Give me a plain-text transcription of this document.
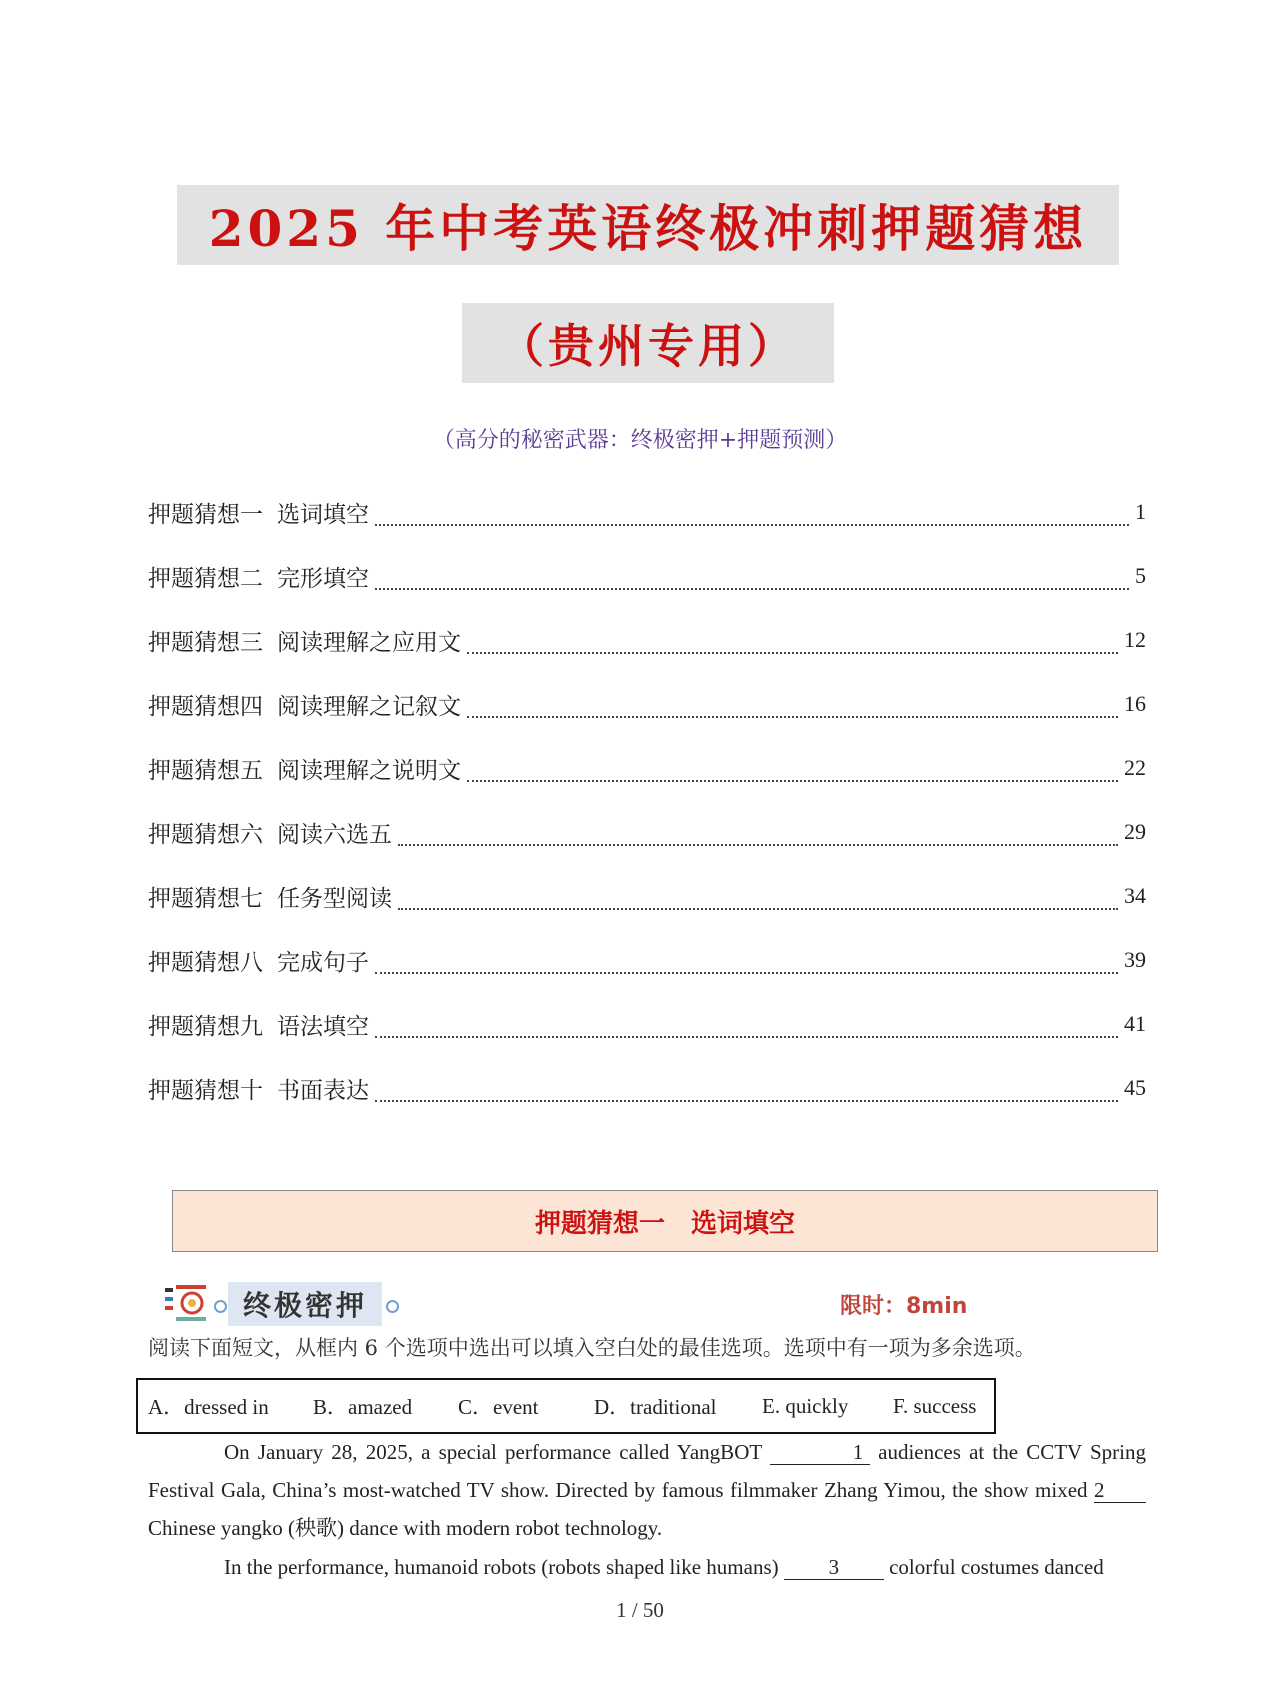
2025 年中考英语终极冲刺押题猜想
（贵州专用）
（高分的秘密武器：终极密押+押题预测）
押题猜想一 选词填空	1
押题猜想二 完形填空	5
押题猜想三 阅读理解之应用文	12
押题猜想四 阅读理解之记叙文	16
押题猜想五 阅读理解之说明文	22
押题猜想六 阅读六选五	29
押题猜想七 任务型阅读	34
押题猜想八 完成句子	39
押题猜想九 语法填空	41
押题猜想十 书面表达	45
押题猜想一　选词填空
终极密押	限时：8min
阅读下面短文，从框内 6 个选项中选出可以填入空白处的最佳选项。选项中有一项为多余选项。
A．dressed in	B．amazed	C．event	D．traditional	E. quickly	F. success
On January 28, 2025, a special performance called YangBOT	1 audiences at the CCTV Spring Festival Gala, China’s most-watched TV show. Directed by famous filmmaker Zhang Yimou, the show mixed 2 Chinese yangko (秧歌) dance with modern robot technology.
In the performance, humanoid robots (robots shaped like humans) 3 colorful costumes danced
1 / 50
